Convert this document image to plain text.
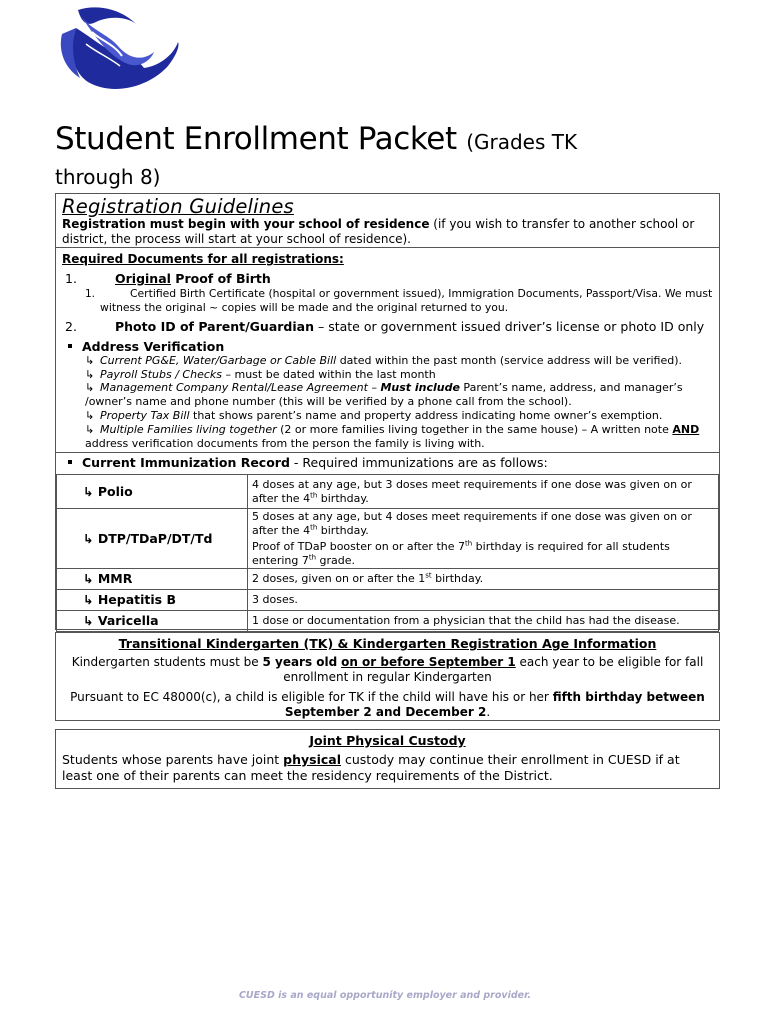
Student Enrollment Packet (Grades TK
through 8)
Registration Guidelines
Registration must begin with your school of residence (if you wish to transfer to another school or district, the process will start at your school of residence).
Required Documents for all registrations:
1.	Original Proof of Birth
1.	Certified Birth Certificate (hospital or government issued), Immigration Documents, Passport/Visa. We must witness the original ~ copies will be made and the original returned to you.
2.	Photo ID of Parent/Guardian – state or government issued driver’s license or photo ID only
Address Verification
↳ Current PG&E, Water/Garbage or Cable Bill dated within the past month (service address will be verified).
↳ Payroll Stubs / Checks – must be dated within the last month
↳ Management Company Rental/Lease Agreement – Must include Parent’s name, address, and manager’s /owner’s name and phone number (this will be verified by a phone call from the school).
↳ Property Tax Bill that shows parent’s name and property address indicating home owner’s exemption.
↳ Multiple Families living together (2 or more families living together in the same house) – A written note AND address verification documents from the person the family is living with.
Current Immunization Record - Required immunizations are as follows:
↳ Polio	4 doses at any age, but 3 doses meet requirements if one dose was given on or after the 4th birthday.

↳ DTP/TDaP/DT/Td	5 doses at any age, but 4 doses meet requirements if one dose was given on or after the 4th birthday.

Proof of TDaP booster on or after the 7th birthday is required for all students entering 7th grade.

↳ MMR	2 doses, given on or after the 1st birthday.

↳ Hepatitis B	3 doses.

↳ Varicella	1 dose or documentation from a physician that the child has had the disease.

Transitional Kindergarten (TK) & Kindergarten Registration Age Information
Kindergarten students must be 5 years old on or before September 1 each year to be eligible for fall enrollment in regular Kindergarten
Pursuant to EC 48000(c), a child is eligible for TK if the child will have his or her fifth birthday between September 2 and December 2.
Joint Physical Custody
Students whose parents have joint physical custody may continue their enrollment in CUESD if at least one of their parents can meet the residency requirements of the District.
CUESD is an equal opportunity employer and provider.
